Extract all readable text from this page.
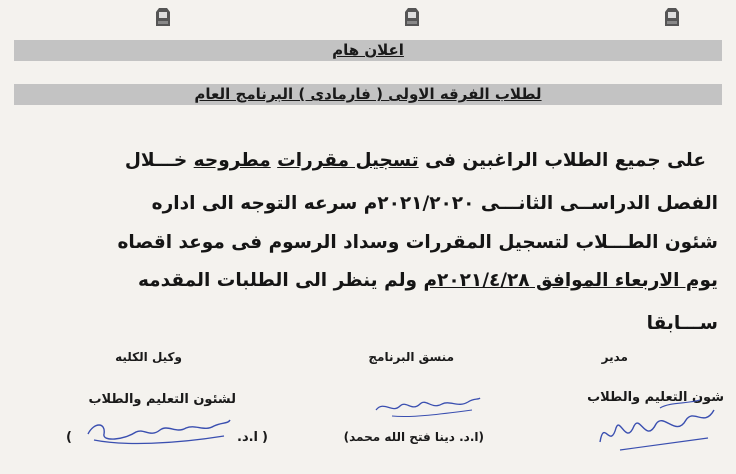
اعلان هام
لطلاب الفرقه الاولى ( فارمادى ) البرنامج العام
على جميع الطلاب الراغبين فى تسجيل مقررات مطروحه خـــلال
الفصل الدراســى الثانـــى ٢٠٢١/٢٠٢٠م سرعه التوجه الى اداره
شئون الطـــلاب لتسجيل المقررات وسداد الرسوم فى موعد اقصاه
يوم الاربعاء الموافق ٢٠٢١/٤/٢٨م ولم ينظر الى الطلبات المقدمه
ســـابقا
مدير
شون التعليم والطلاب
منسق البرنامج
(ا.د. دينا فتح الله محمد)
وكيل الكليه
لشئون التعليم والطلاب
)	ا.د. (
